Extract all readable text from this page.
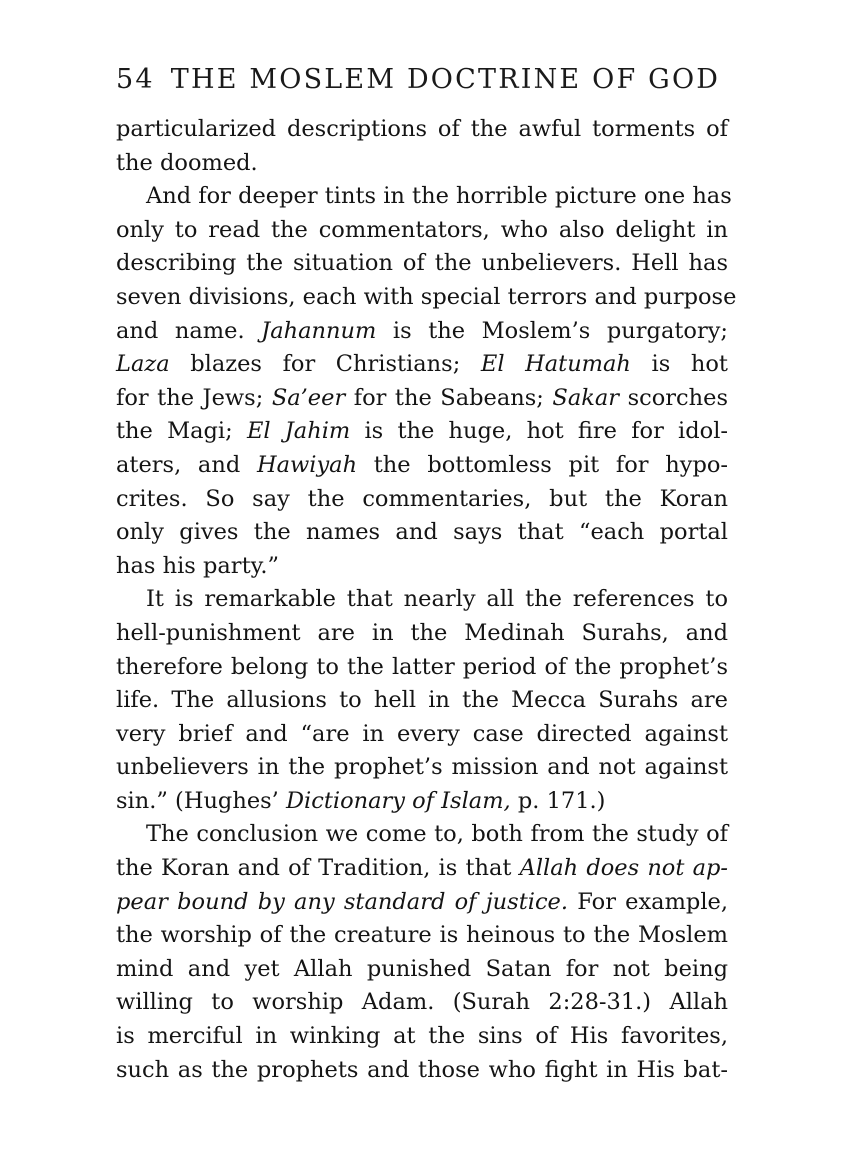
54 THE MOSLEM DOCTRINE OF GOD
particularized descriptions of the awful torments of
the doomed.
And for deeper tints in the horrible picture one has
only to read the commentators, who also delight in
describing the situation of the unbelievers. Hell has
seven divisions, each with special terrors and purpose
and name. Jahannum is the Moslem’s purgatory;
Laza blazes for Christians; El Hatumah is hot
for the Jews; Sa’eer for the Sabeans; Sakar scorches
the Magi; El Jahim is the huge, hot fire for idol-
aters, and Hawiyah the bottomless pit for hypo-
crites. So say the commentaries, but the Koran
only gives the names and says that “each portal
has his party.”
It is remarkable that nearly all the references to
hell-punishment are in the Medinah Surahs, and
therefore belong to the latter period of the prophet’s
life. The allusions to hell in the Mecca Surahs are
very brief and “are in every case directed against
unbelievers in the prophet’s mission and not against
sin.” (Hughes’ Dictionary of Islam, p. 171.)
The conclusion we come to, both from the study of
the Koran and of Tradition, is that Allah does not ap-
pear bound by any standard of justice. For example,
the worship of the creature is heinous to the Moslem
mind and yet Allah punished Satan for not being
willing to worship Adam. (Surah 2:28-31.) Allah
is merciful in winking at the sins of His favorites,
such as the prophets and those who fight in His bat-
